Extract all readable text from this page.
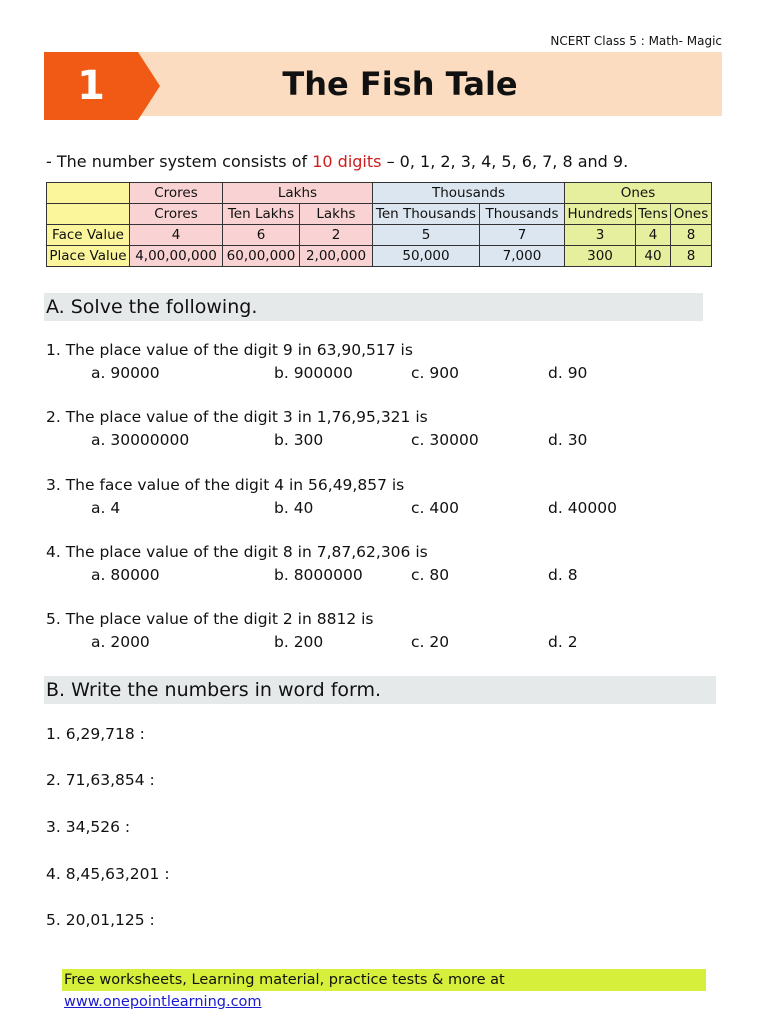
NCERT Class 5 : Math- Magic
1	The Fish Tale
- The number system consists of 10 digits – 0, 1, 2, 3, 4, 5, 6, 7, 8 and 9.
	Crores	Lakhs		Thousands		Ones		
	Crores	Ten Lakhs	Lakhs	Ten Thousands	Thousands	Hundreds	Tens	Ones
Face Value	4	6	2	5	7	3	4	8
Place Value	4,00,00,000	60,00,000	2,00,000	50,000	7,000	300	40	8
A. Solve the following.
1. The place value of the digit 9 in 63,90,517 is
a. 90000	b. 900000	c. 900	d. 90
2. The place value of the digit 3 in 1,76,95,321 is
a. 30000000	b. 300	c. 30000	d. 30
3. The face value of the digit 4 in 56,49,857 is
a. 4	b. 40	c. 400	d. 40000
4. The place value of the digit 8 in 7,87,62,306 is
a. 80000	b. 8000000	c. 80	d. 8
5. The place value of the digit 2 in 8812 is
a. 2000	b. 200	c. 20	d. 2
B. Write the numbers in word form.
1. 6,29,718 :
2. 71,63,854 :
3. 34,526 :
4. 8,45,63,201 :
5. 20,01,125 :
Free worksheets, Learning material, practice tests & more at www.onepointlearning.com
